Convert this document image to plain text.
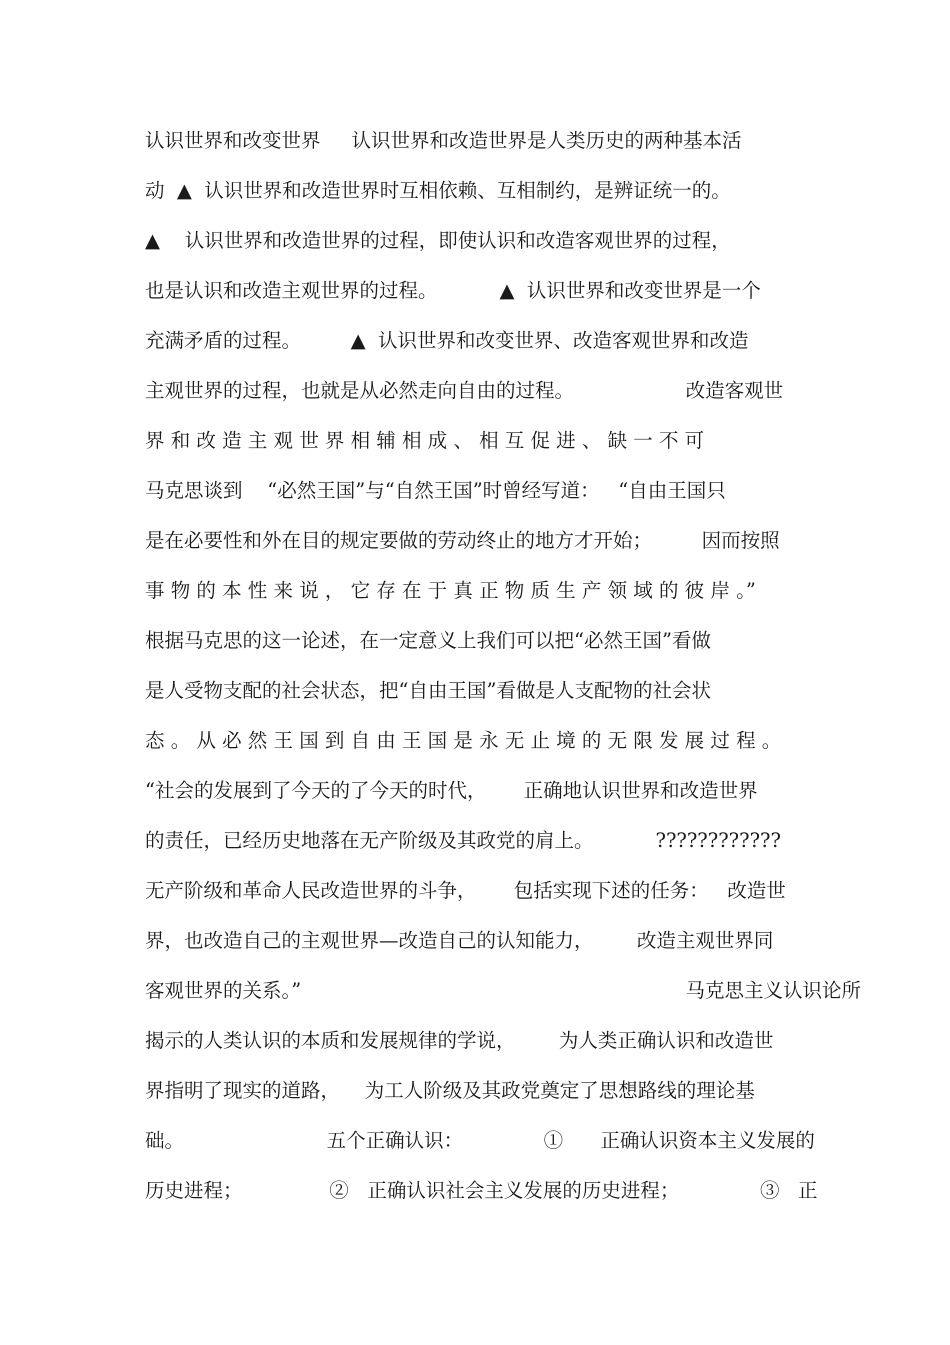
认识世界和改变世界     认识世界和改造世界是人类历史的两种基本活
动  ▲  认识世界和改造世界时互相依赖、互相制约，是辨证统一的。
▲    认识世界和改造世界的过程，即使认识和改造客观世界的过程，
也是认识和改造主观世界的过程。          ▲  认识世界和改变世界是一个
充满矛盾的过程。        ▲  认识世界和改变世界、改造客观世界和改造
主观世界的过程，也就是从必然走向自由的过程。                  改造客观世
界 和 改 造 主 观 世 界 相 辅 相 成 、 相 互 促 进 、 缺 一 不 可
马克思谈到    “必然王国”与“自然王国”时曾经写道：   “自由王国只
是在必要性和外在目的规定要做的劳动终止的地方才开始；        因而按照
事 物 的 本 性 来 说 ， 它 存 在 于 真 正 物 质 生 产 领 域 的 彼 岸 。”
根据马克思的这一论述，在一定意义上我们可以把“必然王国”看做
是人受物支配的社会状态，把“自由王国”看做是人支配物的社会状
态 。 从 必 然 王 国 到 自 由 王 国 是 永 无 止 境 的 无 限 发 展 过 程 。
“社会的发展到了今天的了今天的时代，      正确地认识世界和改造世界
的责任，已经历史地落在无产阶级及其政党的肩上。          ????????????
无产阶级和革命人民改造世界的斗争，      包括实现下述的任务：   改造世
界，也改造自己的主观世界—改造自己的认知能力，       改造主观世界同
客观世界的关系。”                                                              马克思主义认识论所
揭示的人类认识的本质和发展规律的学说，       为人类正确认识和改造世
界指明了现实的道路，    为工人阶级及其政党奠定了思想路线的理论基
础。                       五个正确认识：             ①      正确认识资本主义发展的
历史进程；              ②   正确认识社会主义发展的历史进程；             ③   正
